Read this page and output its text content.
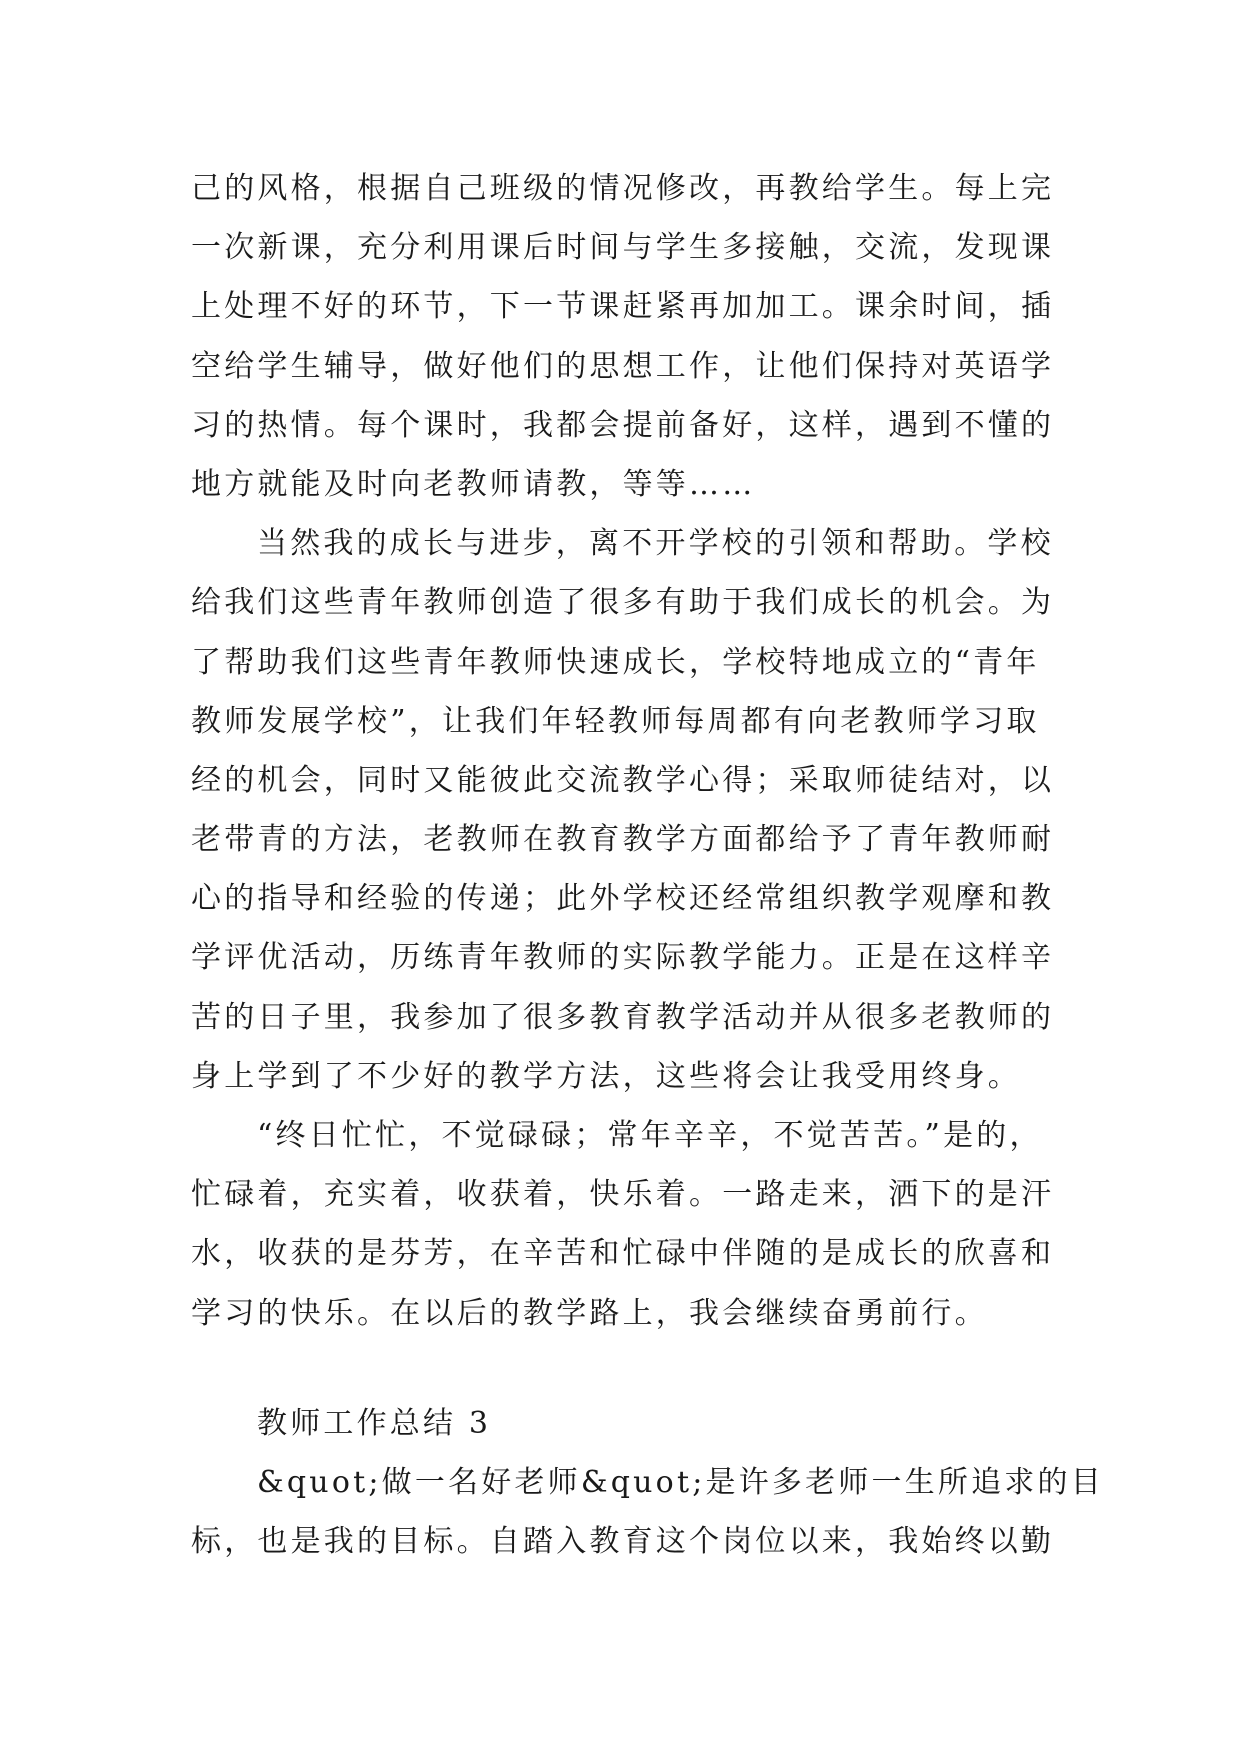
己的风格，根据自己班级的情况修改，再教给学生。每上完
一次新课，充分利用课后时间与学生多接触，交流，发现课
上处理不好的环节，下一节课赶紧再加加工。课余时间，插
空给学生辅导，做好他们的思想工作，让他们保持对英语学
习的热情。每个课时，我都会提前备好，这样，遇到不懂的
地方就能及时向老教师请教，等等……
当然我的成长与进步，离不开学校的引领和帮助。学校
给我们这些青年教师创造了很多有助于我们成长的机会。为
了帮助我们这些青年教师快速成长，学校特地成立的“青年
教师发展学校”，让我们年轻教师每周都有向老教师学习取
经的机会，同时又能彼此交流教学心得；采取师徒结对，以
老带青的方法，老教师在教育教学方面都给予了青年教师耐
心的指导和经验的传递；此外学校还经常组织教学观摩和教
学评优活动，历练青年教师的实际教学能力。正是在这样辛
苦的日子里，我参加了很多教育教学活动并从很多老教师的
身上学到了不少好的教学方法，这些将会让我受用终身。
“终日忙忙，不觉碌碌；常年辛辛，不觉苦苦。”是的，
忙碌着，充实着，收获着，快乐着。一路走来，洒下的是汗
水，收获的是芬芳，在辛苦和忙碌中伴随的是成长的欣喜和
学习的快乐。在以后的教学路上，我会继续奋勇前行。
教师工作总结 3
&quot;做一名好老师&quot;是许多老师一生所追求的目
标，也是我的目标。自踏入教育这个岗位以来，我始终以勤
